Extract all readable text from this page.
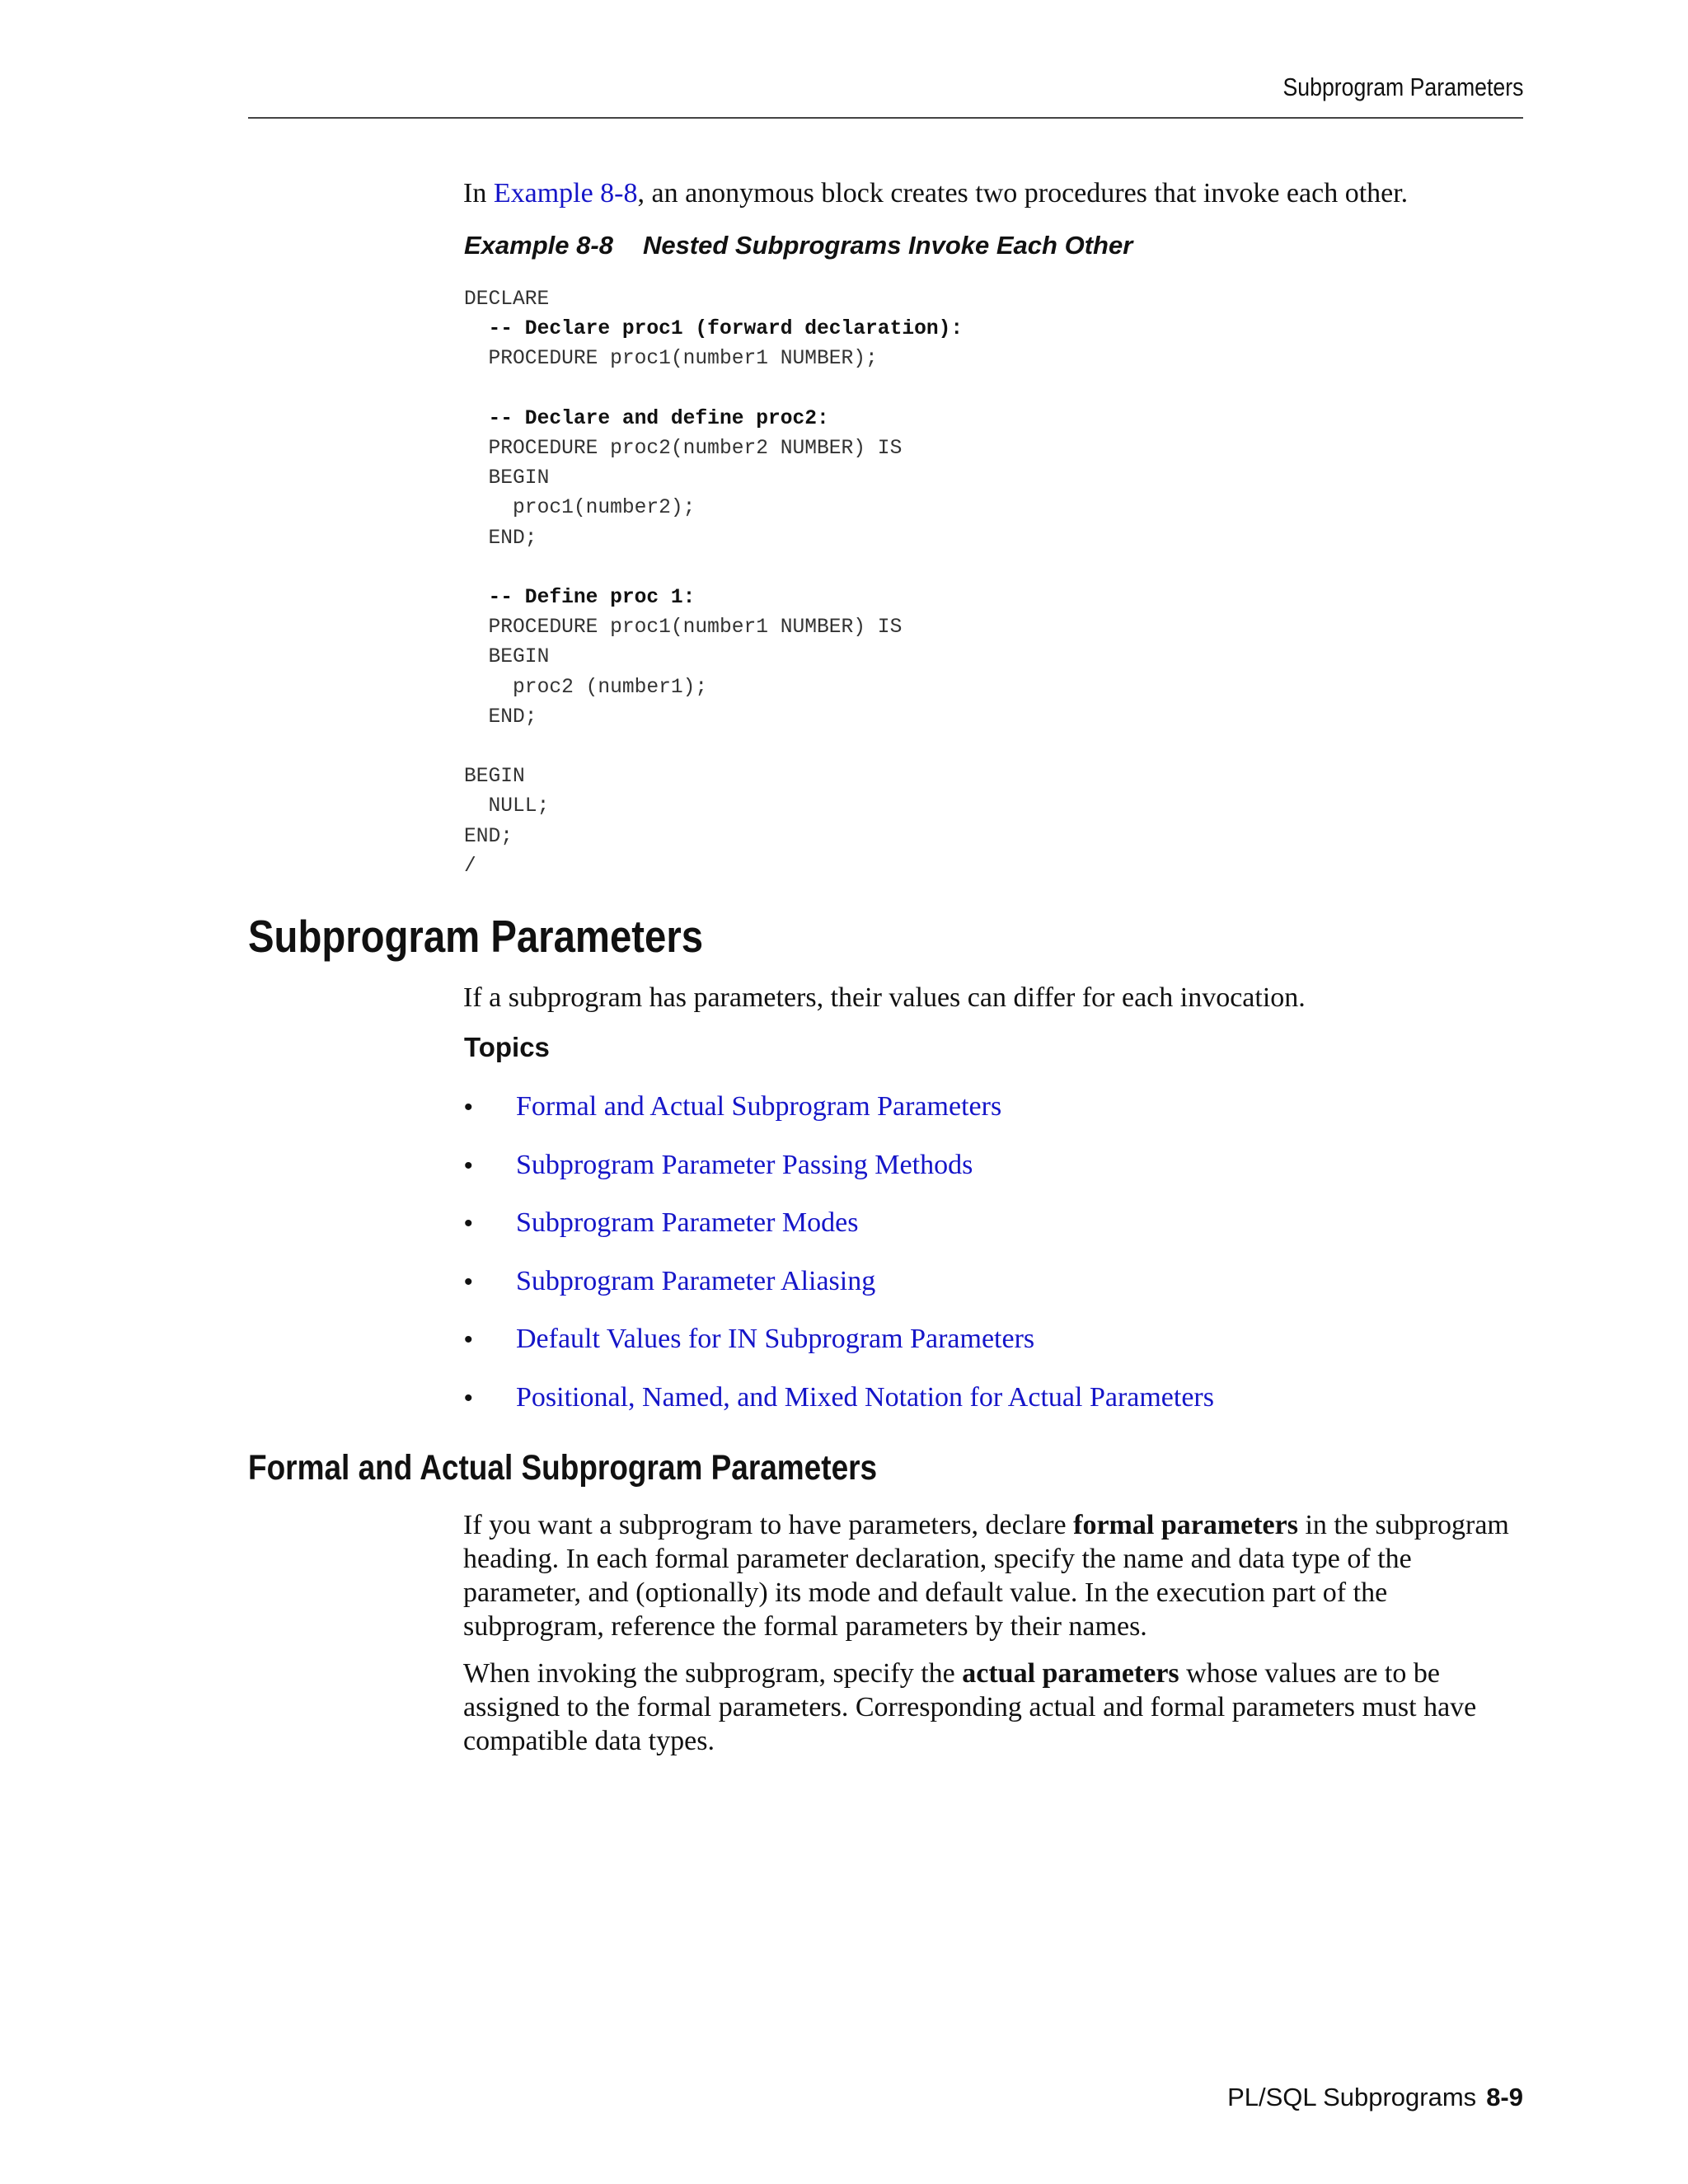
Subprogram Parameters

In Example 8-8, an anonymous block creates two procedures that invoke each other.

Example 8-8 Nested Subprograms Invoke Each Other
DECLARE
-- Declare proc1 (forward declaration):
PROCEDURE proc1(number1 NUMBER);

-- Declare and define proc2:
PROCEDURE proc2(number2 NUMBER) IS
BEGIN
proc1(number2);
END;

-- Define proc 1:
PROCEDURE proc1(number1 NUMBER) IS
BEGIN
proc2 (number1);
END;

BEGIN
NULL;
END;
/
Subprogram Parameters

If a subprogram has parameters, their values can differ for each invocation.

Topics
• Formal and Actual Subprogram Parameters
• Subprogram Parameter Passing Methods
• Subprogram Parameter Modes
• Subprogram Parameter Aliasing
• Default Values for IN Subprogram Parameters
• Positional, Named, and Mixed Notation for Actual Parameters
Formal and Actual Subprogram Parameters

If you want a subprogram to have parameters, declare formal parameters in the subprogram heading. In each formal parameter declaration, specify the name and data type of the parameter, and (optionally) its mode and default value. In the execution part of the subprogram, reference the formal parameters by their names.

When invoking the subprogram, specify the actual parameters whose values are to be assigned to the formal parameters. Corresponding actual and formal parameters must have compatible data types.

PL/SQL Subprograms 8-9
